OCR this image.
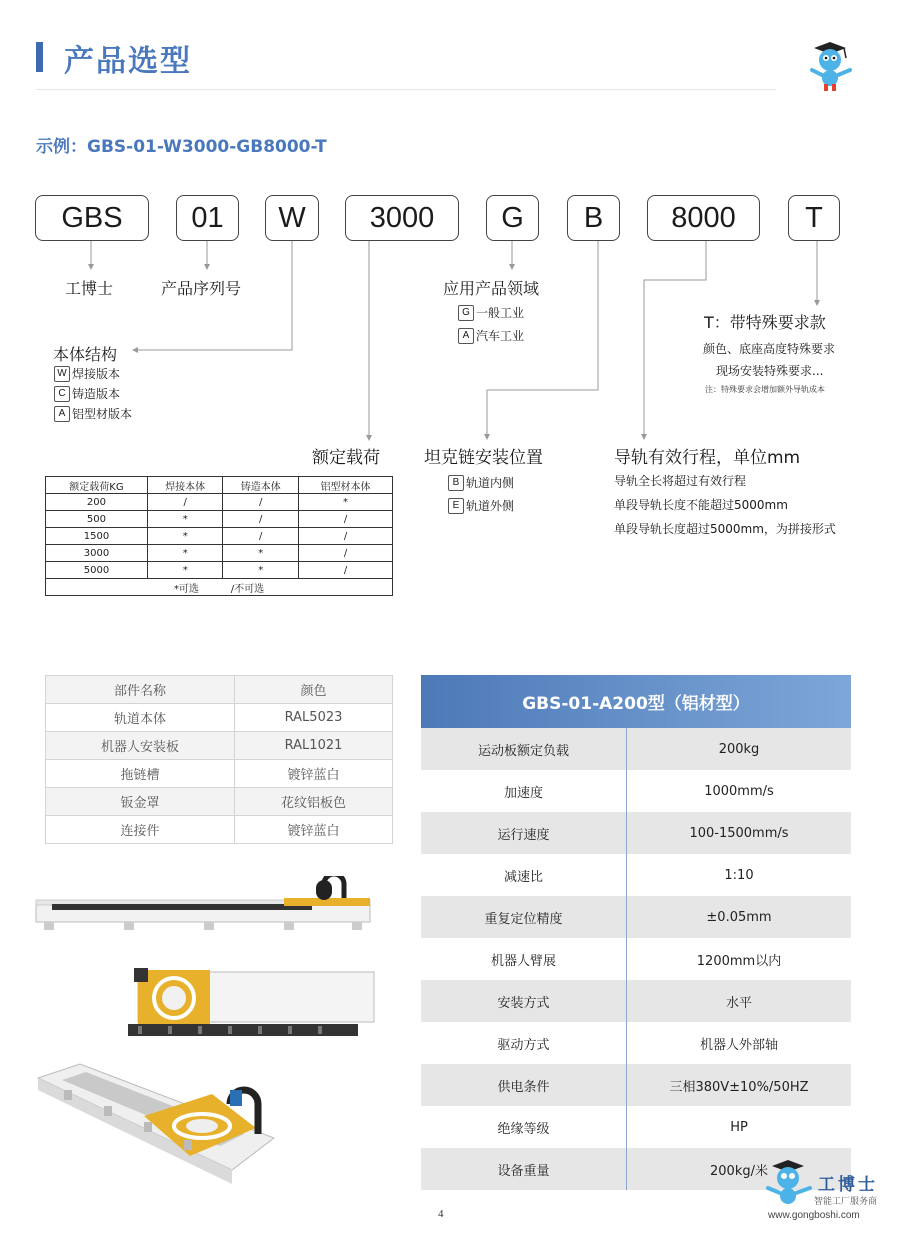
产品选型
示例：GBS-01-W3000-GB8000-T
GBS	01	W	3000	G	B	8000	T
工博士	产品序列号
本体结构
应用产品领域
T：带特殊要求款
额定载荷	坦克链安装位置	导轨有效行程，单位mm
W 焊接版本
C 铸造版本
A 铝型材版本
G 一般工业
A 汽车工业
B 轨道内侧
E 轨道外侧
颜色、底座高度特殊要求
现场安装特殊要求...
注：特殊要求会增加额外导轨成本
导轨全长将超过有效行程
单段导轨长度不能超过5000mm
单段导轨长度超过5000mm，为拼接形式
额定载荷KG	焊接本体	铸造本体	铝型材本体
200	/	/	*
500	*	/	/
1500	*	/	/
3000	*	*	/
5000	*	*	/
*可选 /不可选			
部件名称	颜色
轨道本体	RAL5023
机器人安装板	RAL1021
拖链槽	镀锌蓝白
钣金罩	花纹铝板色
连接件	镀锌蓝白
GBS-01-A200型（铝材型）
运动板额定负载	200kg
加速度	1000mm/s
运行速度	100-1500mm/s
减速比	1:10
重复定位精度	±0.05mm
机器人臂展	1200mm以内
安装方式	水平
驱动方式	机器人外部轴
供电条件	三相380V±10%/50HZ
绝缘等级	HP
设备重量	200kg/米
4
工博士
智能工厂服务商
www.gongboshi.com
